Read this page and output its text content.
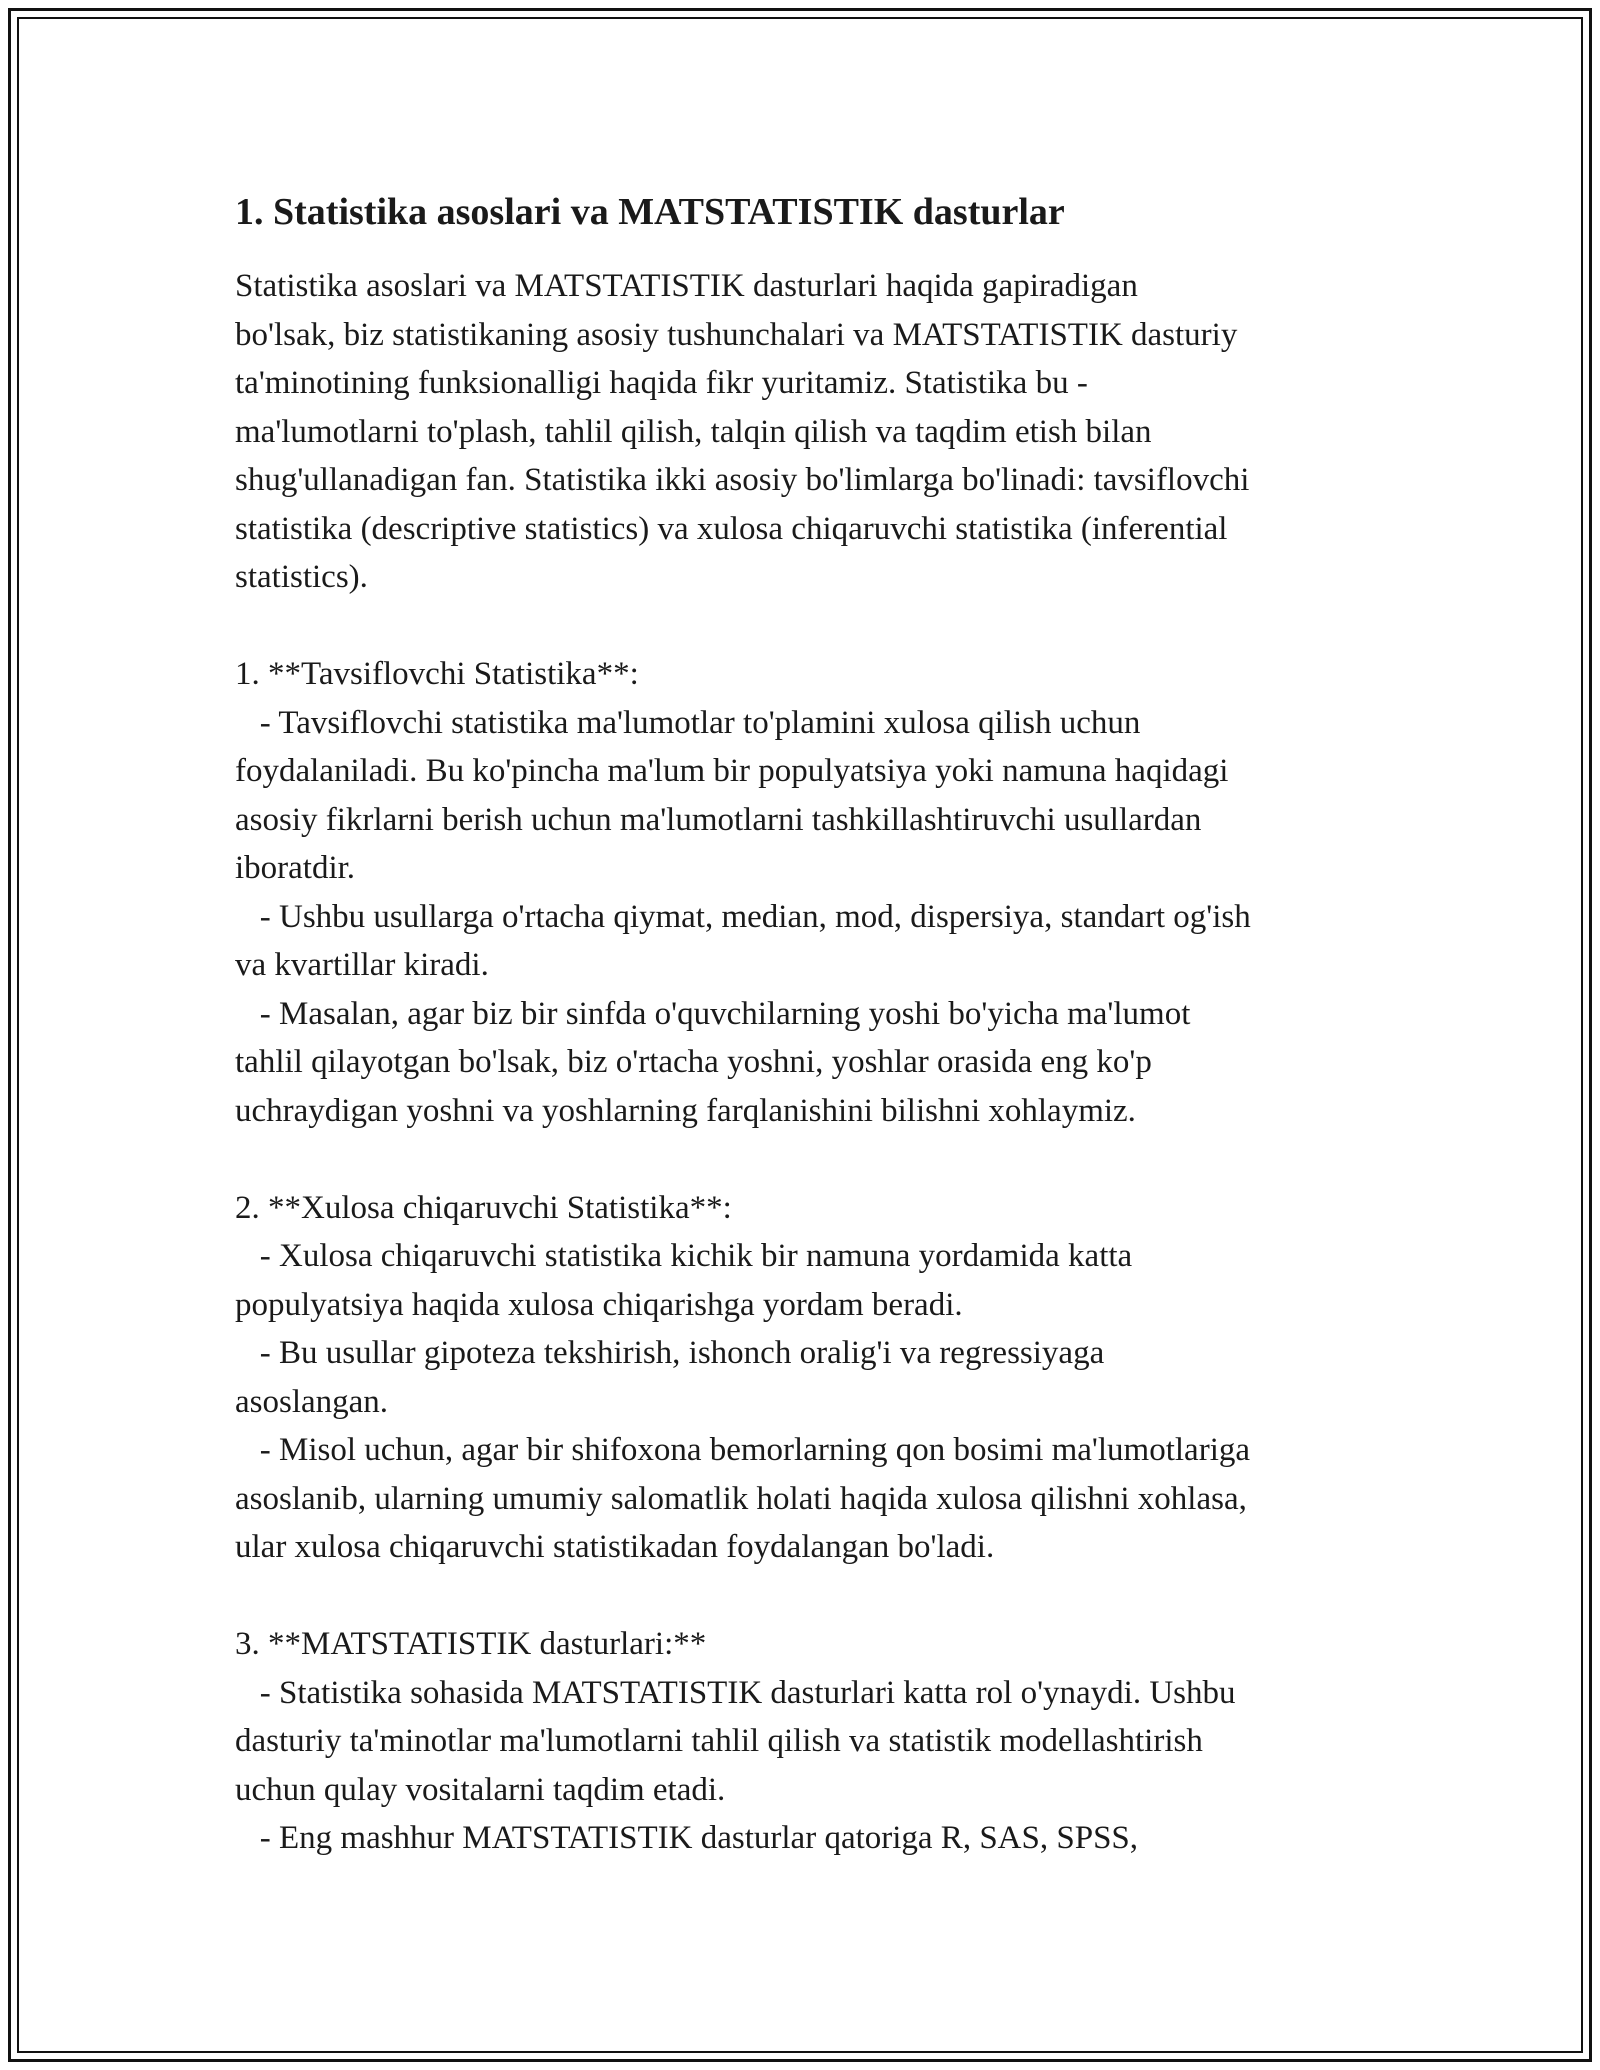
1. Statistika asoslari va MATSTATISTIK dasturlar

Statistika asoslari va MATSTATISTIK dasturlari haqida gapiradigan

bo'lsak, biz statistikaning asosiy tushunchalari va MATSTATISTIK dasturiy

ta'minotining funksionalligi haqida fikr yuritamiz. Statistika bu -

ma'lumotlarni to'plash, tahlil qilish, talqin qilish va taqdim etish bilan

shug'ullanadigan fan. Statistika ikki asosiy bo'limlarga bo'linadi: tavsiflovchi

statistika (descriptive statistics) va xulosa chiqaruvchi statistika (inferential

statistics).

1. **Tavsiflovchi Statistika**:

- Tavsiflovchi statistika ma'lumotlar to'plamini xulosa qilish uchun

foydalaniladi. Bu ko'pincha ma'lum bir populyatsiya yoki namuna haqidagi

asosiy fikrlarni berish uchun ma'lumotlarni tashkillashtiruvchi usullardan

iboratdir.

- Ushbu usullarga o'rtacha qiymat, median, mod, dispersiya, standart og'ish

va kvartillar kiradi.

- Masalan, agar biz bir sinfda o'quvchilarning yoshi bo'yicha ma'lumot

tahlil qilayotgan bo'lsak, biz o'rtacha yoshni, yoshlar orasida eng ko'p

uchraydigan yoshni va yoshlarning farqlanishini bilishni xohlaymiz.

2. **Xulosa chiqaruvchi Statistika**:

- Xulosa chiqaruvchi statistika kichik bir namuna yordamida katta

populyatsiya haqida xulosa chiqarishga yordam beradi.

- Bu usullar gipoteza tekshirish, ishonch oralig'i va regressiyaga

asoslangan.

- Misol uchun, agar bir shifoxona bemorlarning qon bosimi ma'lumotlariga

asoslanib, ularning umumiy salomatlik holati haqida xulosa qilishni xohlasa,

ular xulosa chiqaruvchi statistikadan foydalangan bo'ladi.

3. **MATSTATISTIK dasturlari:**

- Statistika sohasida MATSTATISTIK dasturlari katta rol o'ynaydi. Ushbu

dasturiy ta'minotlar ma'lumotlarni tahlil qilish va statistik modellashtirish

uchun qulay vositalarni taqdim etadi.

- Eng mashhur MATSTATISTIK dasturlar qatoriga R, SAS, SPSS,
